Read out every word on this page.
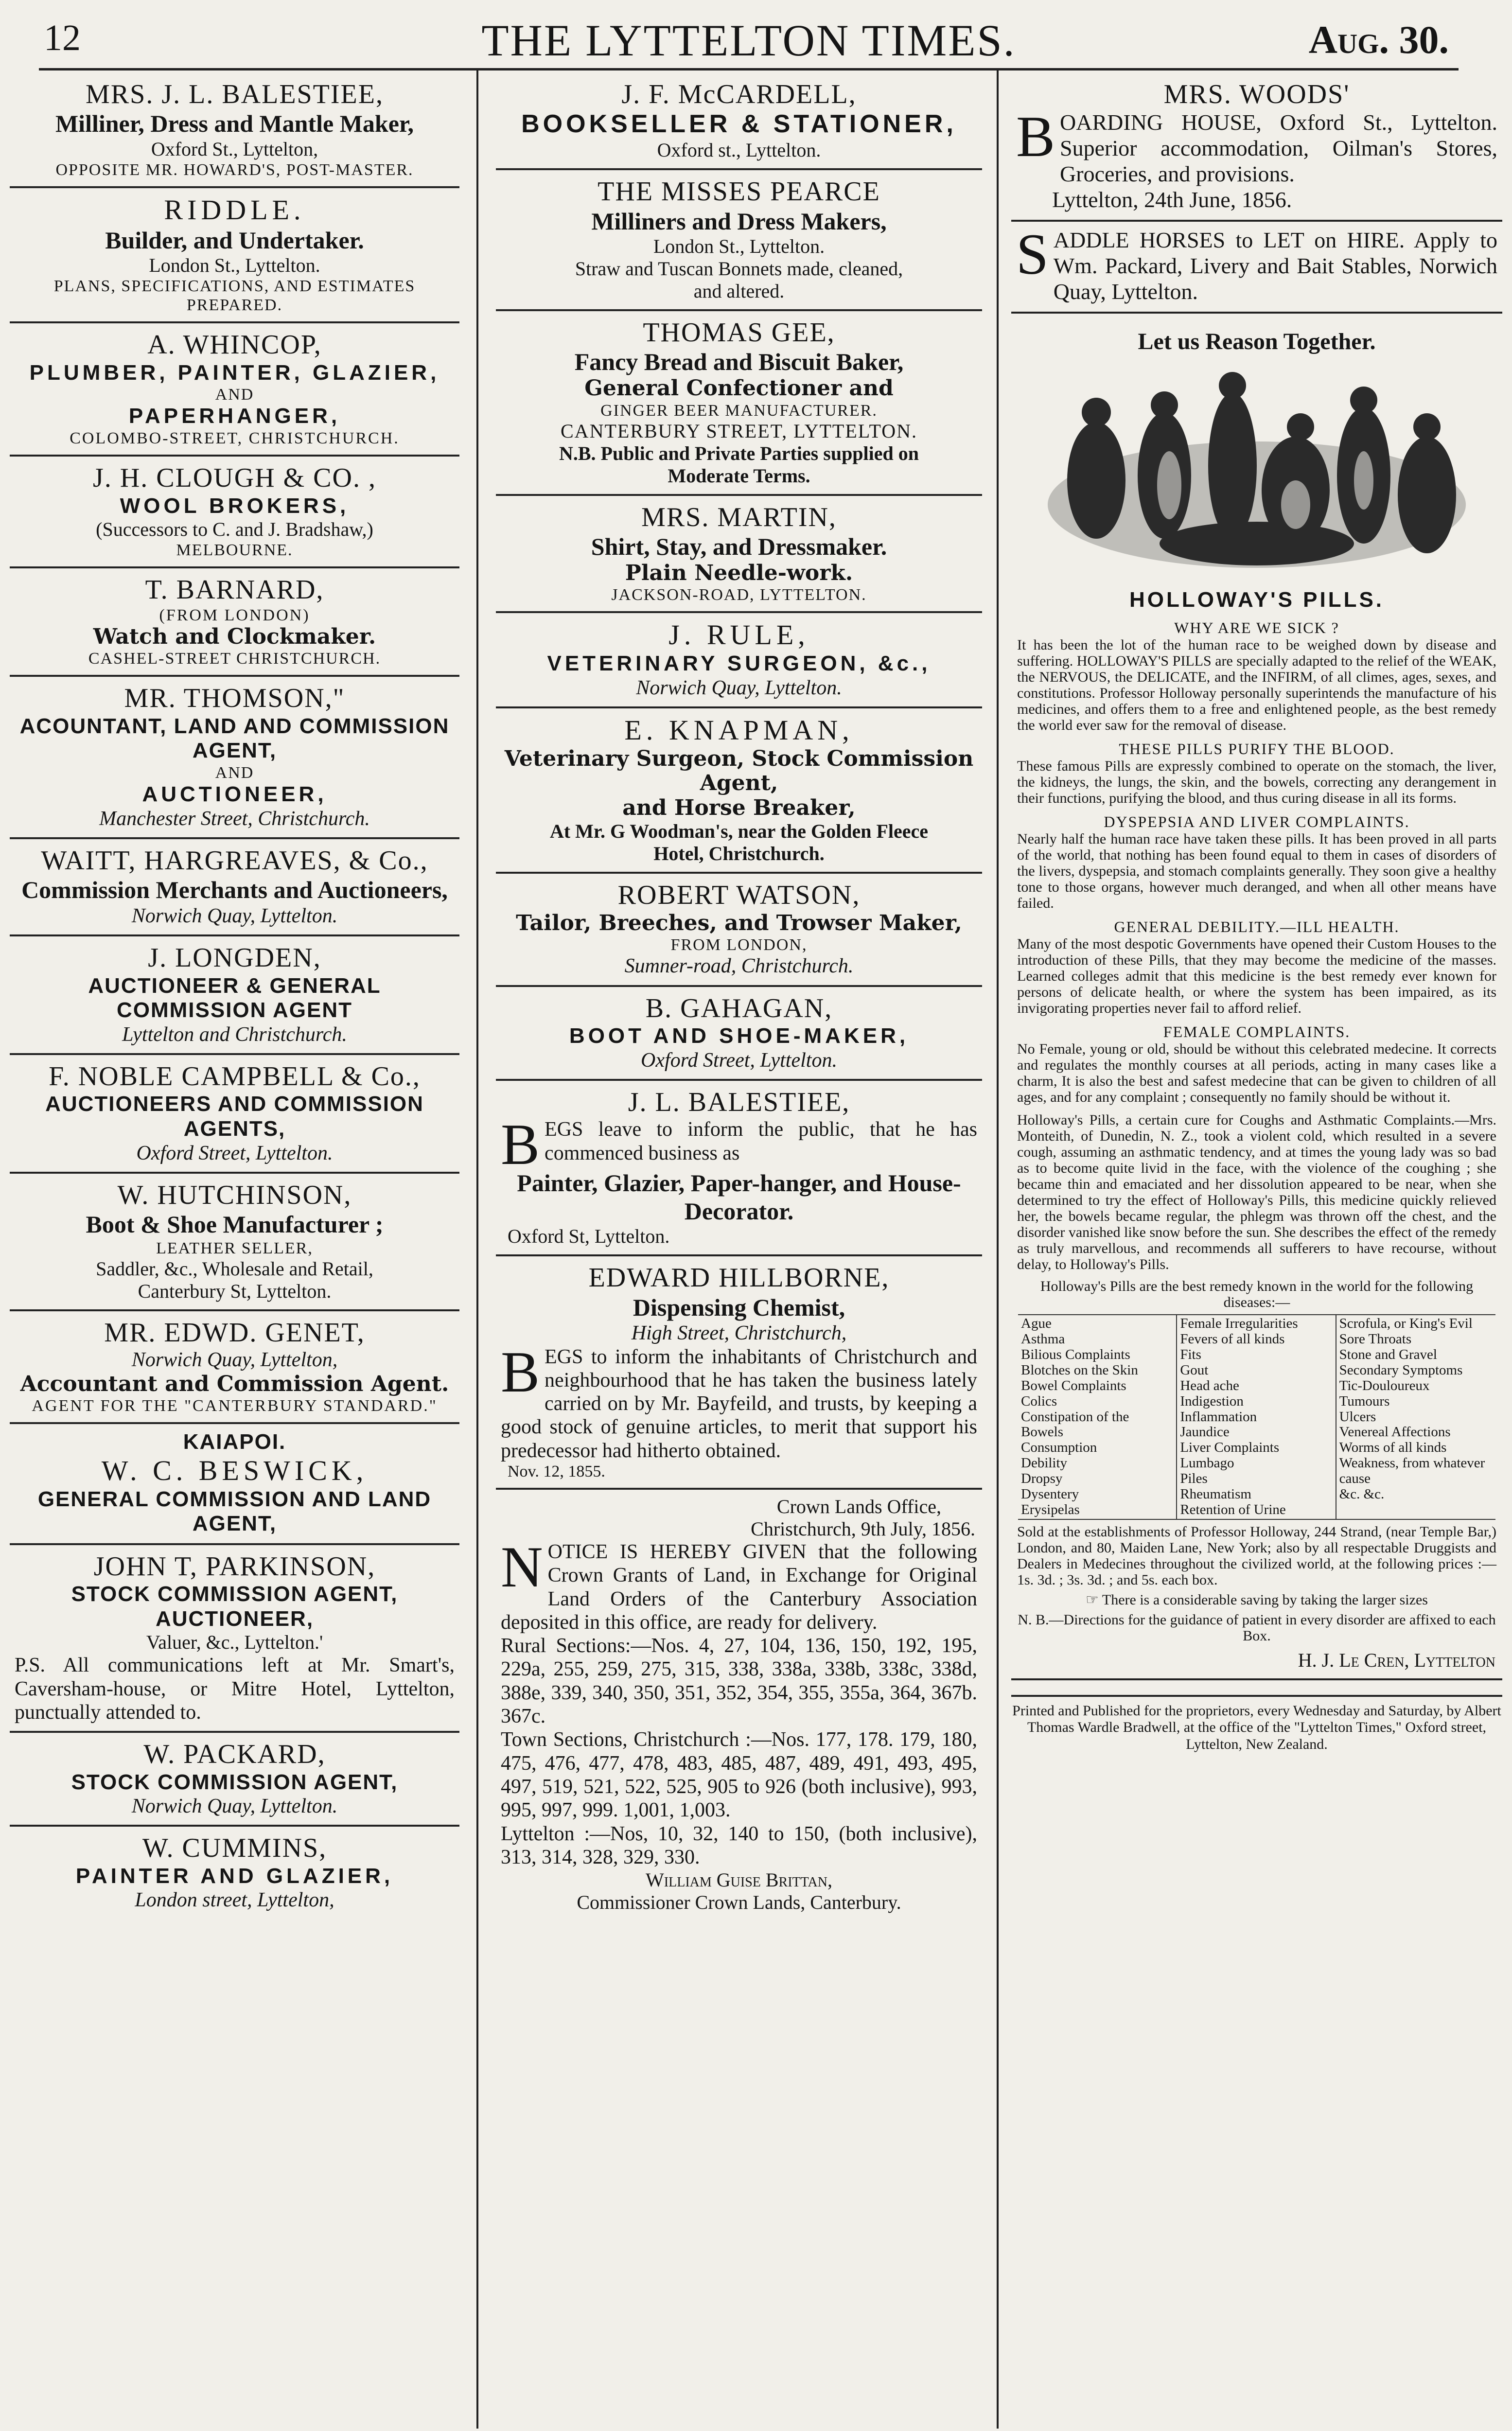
12	THE LYTTELTON TIMES.	Aug. 30.
MRS. J. L. BALESTIEE,
Milliner, Dress and Mantle Maker,
Oxford St., Lyttelton,
OPPOSITE MR. HOWARD'S, POST-MASTER.
RIDDLE.
Builder, and Undertaker.
London St., Lyttelton.
PLANS, SPECIFICATIONS, AND ESTIMATES
PREPARED.
A. WHINCOP,
PLUMBER, PAINTER, GLAZIER,
AND
PAPERHANGER,
COLOMBO-STREET, CHRISTCHURCH.
J. H. CLOUGH & CO. ,
WOOL BROKERS,
(Successors to C. and J. Bradshaw,)
MELBOURNE.
T. BARNARD,
(FROM LONDON)
Watch and Clockmaker.
CASHEL-STREET CHRISTCHURCH.
MR. THOMSON,"
ACOUNTANT, LAND AND COMMISSION AGENT,
AND
AUCTIONEER,
Manchester Street, Christchurch.
WAITT, HARGREAVES, & Co.,
Commission Merchants and Auctioneers,
Norwich Quay, Lyttelton.
J. LONGDEN,
AUCTIONEER & GENERAL COMMISSION AGENT
Lyttelton and Christchurch.
F. NOBLE CAMPBELL & Co.,
AUCTIONEERS AND COMMISSION AGENTS,
Oxford Street, Lyttelton.
W. HUTCHINSON,
Boot & Shoe Manufacturer ;
LEATHER SELLER,
Saddler, &c., Wholesale and Retail,
Canterbury St, Lyttelton.
MR. EDWD. GENET,
Norwich Quay, Lyttelton,
Accountant and Commission Agent.
AGENT FOR THE "CANTERBURY STANDARD."
KAIAPOI.
W. C. BESWICK,
GENERAL COMMISSION AND LAND AGENT,
JOHN T, PARKINSON,
STOCK COMMISSION AGENT, AUCTIONEER,
Valuer, &c., Lyttelton.'
P.S. All communications left at Mr. Smart's, Caversham-house, or Mitre Hotel, Lyttelton, punctually attended to.
W. PACKARD,
STOCK COMMISSION AGENT,
Norwich Quay, Lyttelton.
W. CUMMINS,
PAINTER AND GLAZIER,
London street, Lyttelton,
J. F. McCARDELL,
BOOKSELLER & STATIONER,
Oxford st., Lyttelton.
THE MISSES PEARCE
Milliners and Dress Makers,
London St., Lyttelton.
Straw and Tuscan Bonnets made, cleaned,
and altered.
THOMAS GEE,
Fancy Bread and Biscuit Baker,
General Confectioner and
GINGER BEER MANUFACTURER.
CANTERBURY STREET, LYTTELTON.
N.B. Public and Private Parties supplied on
Moderate Terms.
MRS. MARTIN,
Shirt, Stay, and Dressmaker.
Plain Needle-work.
JACKSON-ROAD, LYTTELTON.
J. RULE,
VETERINARY SURGEON, &c.,
Norwich Quay, Lyttelton.
E. KNAPMAN,
Veterinary Surgeon, Stock Commission Agent,
and Horse Breaker,
At Mr. G Woodman's, near the Golden Fleece
Hotel, Christchurch.
ROBERT WATSON,
Tailor, Breeches, and Trowser Maker,
FROM LONDON,
Sumner-road, Christchurch.
B. GAHAGAN,
BOOT AND SHOE-MAKER,
Oxford Street, Lyttelton.
J. L. BALESTIEE,
BEGS leave to inform the public, that he has commenced business as
Painter, Glazier, Paper-hanger, and House-Decorator.
Oxford St, Lyttelton.
EDWARD HILLBORNE,
Dispensing Chemist,
High Street, Christchurch,
BEGS to inform the inhabitants of Christchurch and neighbourhood that he has taken the business lately carried on by Mr. Bayfeild, and trusts, by keeping a good stock of genuine articles, to merit that support his predecessor had hitherto obtained.
Nov. 12, 1855.
Crown Lands Office,
Christchurch, 9th July, 1856.
NOTICE IS HEREBY GIVEN that the following Crown Grants of Land, in Exchange for Original Land Orders of the Canterbury Association deposited in this office, are ready for delivery.
Rural Sections:—Nos. 4, 27, 104, 136, 150, 192, 195, 229a, 255, 259, 275, 315, 338, 338a, 338b, 338c, 338d, 388e, 339, 340, 350, 351, 352, 354, 355, 355a, 364, 367b. 367c.
Town Sections, Christchurch :—Nos. 177, 178. 179, 180, 475, 476, 477, 478, 483, 485, 487, 489, 491, 493, 495, 497, 519, 521, 522, 525, 905 to 926 (both inclusive), 993, 995, 997, 999. 1,001, 1,003.
Lyttelton :—Nos, 10, 32, 140 to 150, (both inclusive), 313, 314, 328, 329, 330.
William Guise Brittan,
Commissioner Crown Lands, Canterbury.
MRS. WOODS'
BOARDING HOUSE, Oxford St., Lyttelton. Superior accommodation, Oilman's Stores, Groceries, and provisions.
Lyttelton, 24th June, 1856.
SADDLE HORSES to LET on HIRE. Apply to Wm. Packard, Livery and Bait Stables, Norwich Quay, Lyttelton.
Let us Reason Together.
HOLLOWAY'S PILLS.
WHY ARE WE SICK ?
It has been the lot of the human race to be weighed down by disease and suffering. HOLLOWAY'S PILLS are specially adapted to the relief of the WEAK, the NERVOUS, the DELICATE, and the INFIRM, of all climes, ages, sexes, and constitutions. Professor Holloway personally superintends the manufacture of his medicines, and offers them to a free and enlightened people, as the best remedy the world ever saw for the removal of disease.
THESE PILLS PURIFY THE BLOOD.
These famous Pills are expressly combined to operate on the stomach, the liver, the kidneys, the lungs, the skin, and the bowels, correcting any derangement in their functions, purifying the blood, and thus curing disease in all its forms.
DYSPEPSIA AND LIVER COMPLAINTS.
Nearly half the human race have taken these pills. It has been proved in all parts of the world, that nothing has been found equal to them in cases of disorders of the livers, dyspepsia, and stomach complaints generally. They soon give a healthy tone to those organs, however much deranged, and when all other means have failed.
GENERAL DEBILITY.—ILL HEALTH.
Many of the most despotic Governments have opened their Custom Houses to the introduction of these Pills, that they may become the medicine of the masses. Learned colleges admit that this medicine is the best remedy ever known for persons of delicate health, or where the system has been impaired, as its invigorating properties never fail to afford relief.
FEMALE COMPLAINTS.
No Female, young or old, should be without this celebrated medecine. It corrects and regulates the monthly courses at all periods, acting in many cases like a charm, It is also the best and safest medecine that can be given to children of all ages, and for any complaint ; consequently no family should be without it.
Holloway's Pills, a certain cure for Coughs and Asthmatic Complaints.—Mrs. Monteith, of Dunedin, N. Z., took a violent cold, which resulted in a severe cough, assuming an asthmatic tendency, and at times the young lady was so bad as to become quite livid in the face, with the violence of the coughing ; she became thin and emaciated and her dissolution appeared to be near, when she determined to try the effect of Holloway's Pills, this medicine quickly relieved her, the bowels became regular, the phlegm was thrown off the chest, and the disorder vanished like snow before the sun. She describes the effect of the remedy as truly marvellous, and recommends all sufferers to have recourse, without delay, to Holloway's Pills.
Holloway's Pills are the best remedy known in the world for the following diseases:—
Ague
Asthma
Bilious Complaints
Blotches on the Skin
Bowel Complaints
Colics
Constipation of the Bowels
Consumption
Debility
Dropsy
Dysentery
Erysipelas
Female Irregularities
Fevers of all kinds
Fits
Gout
Head ache
Indigestion
Inflammation
Jaundice
Liver Complaints
Lumbago
Piles
Rheumatism
Retention of Urine
Scrofula, or King's Evil
Sore Throats
Stone and Gravel
Secondary Symptoms
Tic-Douloureux
Tumours
Ulcers
Venereal Affections
Worms of all kinds
Weakness, from whatever cause
&c. &c.
Sold at the establishments of Professor Holloway, 244 Strand, (near Temple Bar,) London, and 80, Maiden Lane, New York; also by all respectable Druggists and Dealers in Medecines throughout the civilized world, at the following prices :—1s. 3d. ; 3s. 3d. ; and 5s. each box.
☞ There is a considerable saving by taking the larger sizes
N. B.—Directions for the guidance of patient in every disorder are affixed to each Box.
H. J. Le Cren, Lyttelton
Printed and Published for the proprietors, every Wednesday and Saturday, by Albert Thomas Wardle Bradwell, at the office of the "Lyttelton Times," Oxford street, Lyttelton, New Zealand.
